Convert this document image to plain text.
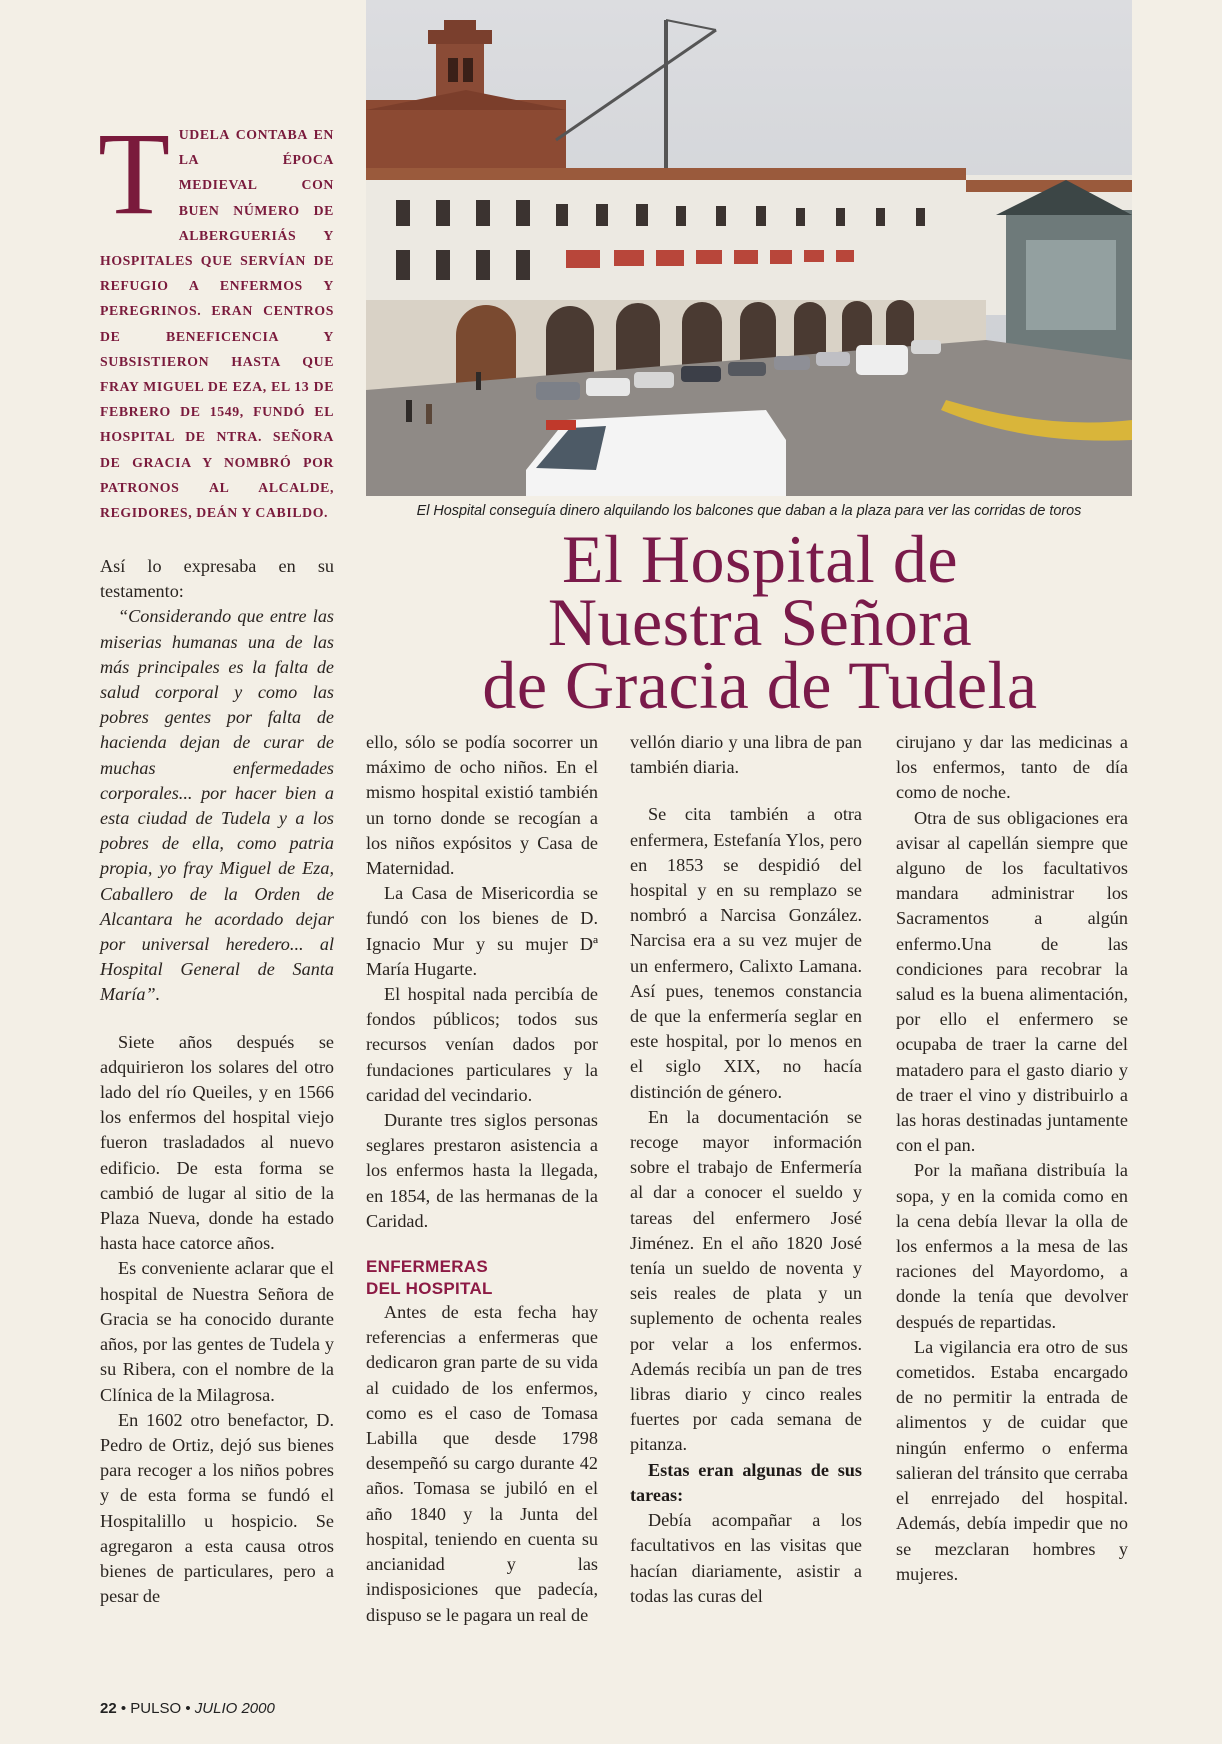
El Hospital conseguía dinero alquilando los balcones que daban a la plaza para ver las corridas de toros
El Hospital de
Nuestra Señora
de Gracia de Tudela
TUDELA CONTABA EN LA ÉPOCA MEDIEVAL CON BUEN NÚMERO DE ALBERGUERIÁS Y HOSPITALES QUE SERVÍAN DE REFUGIO A ENFERMOS Y PEREGRINOS. ERAN CENTROS DE BENEFICENCIA Y SUBSISTIERON HASTA QUE FRAY MIGUEL DE EZA, EL 13 DE FEBRERO DE 1549, FUNDÓ EL HOSPITAL DE NTRA. SEÑORA DE GRACIA Y NOMBRÓ POR PATRONOS AL ALCALDE, REGIDORES, DEÁN Y CABILDO.

Así lo expresaba en su testamento:

“Considerando que entre las miserias humanas una de las más principales es la falta de salud corporal y como las pobres gentes por falta de hacienda dejan de curar de muchas enfermedades corporales... por hacer bien a esta ciudad de Tudela y a los pobres de ella, como patria propia, yo fray Miguel de Eza, Caballero de la Orden de Alcantara he acordado dejar por universal heredero... al Hospital General de Santa María”.

Siete años después se adquirieron los solares del otro lado del río Queiles, y en 1566 los enfermos del hospital viejo fueron trasladados al nuevo edificio. De esta forma se cambió de lugar al sitio de la Plaza Nueva, donde ha estado hasta hace catorce años.

Es conveniente aclarar que el hospital de Nuestra Señora de Gracia se ha conocido durante años, por las gentes de Tudela y su Ribera, con el nombre de la Clínica de la Milagrosa.

En 1602 otro benefactor, D. Pedro de Ortiz, dejó sus bienes para recoger a los niños pobres y de esta forma se fundó el Hospitalillo u hospicio. Se agregaron a esta causa otros bienes de particulares, pero a pesar de

ello, sólo se podía socorrer un máximo de ocho niños. En el mismo hospital existió también un torno donde se recogían a los niños expósitos y Casa de Maternidad.

La Casa de Misericordia se fundó con los bienes de D. Ignacio Mur y su mujer Dª María Hugarte.

El hospital nada percibía de fondos públicos; todos sus recursos venían dados por fundaciones particulares y la caridad del vecindario.

Durante tres siglos personas seglares prestaron asistencia a los enfermos hasta la llegada, en 1854, de las hermanas de la Caridad.

ENFERMERAS
DEL HOSPITAL

Antes de esta fecha hay referencias a enfermeras que dedicaron gran parte de su vida al cuidado de los enfermos, como es el caso de Tomasa Labilla que desde 1798 desempeñó su cargo durante 42 años. Tomasa se jubiló en el año 1840 y la Junta del hospital, teniendo en cuenta su ancianidad y las indisposiciones que padecía, dispuso se le pagara un real de

vellón diario y una libra de pan también diaria.

Se cita también a otra enfermera, Estefanía Ylos, pero en 1853 se despidió del hospital y en su remplazo se nombró a Narcisa González. Narcisa era a su vez mujer de un enfermero, Calixto Lamana. Así pues, tenemos constancia de que la enfermería seglar en este hospital, por lo menos en el siglo XIX, no hacía distinción de género.

En la documentación se recoge mayor información sobre el trabajo de Enfermería al dar a conocer el sueldo y tareas del enfermero José Jiménez. En el año 1820 José tenía un sueldo de noventa y seis reales de plata y un suplemento de ochenta reales por velar a los enfermos. Además recibía un pan de tres libras diario y cinco reales fuertes por cada semana de pitanza.

Estas eran algunas de sus tareas:

Debía acompañar a los facultativos en las visitas que hacían diariamente, asistir a todas las curas del

cirujano y dar las medicinas a los enfermos, tanto de día como de noche.

Otra de sus obligaciones era avisar al capellán siempre que alguno de los facultativos mandara administrar los Sacramentos a algún enfermo.Una de las condiciones para recobrar la salud es la buena alimentación, por ello el enfermero se ocupaba de traer la carne del matadero para el gasto diario y de traer el vino y distribuirlo a las horas destinadas juntamente con el pan.

Por la mañana distribuía la sopa, y en la comida como en la cena debía llevar la olla de los enfermos a la mesa de las raciones del Mayordomo, a donde la tenía que devolver después de repartidas.

La vigilancia era otro de sus cometidos. Estaba encargado de no permitir la entrada de alimentos y de cuidar que ningún enfermo o enferma salieran del tránsito que cerraba el enrrejado del hospital. Además, debía impedir que no se mezclaran hombres y mujeres.

22 • PULSO • JULIO 2000
